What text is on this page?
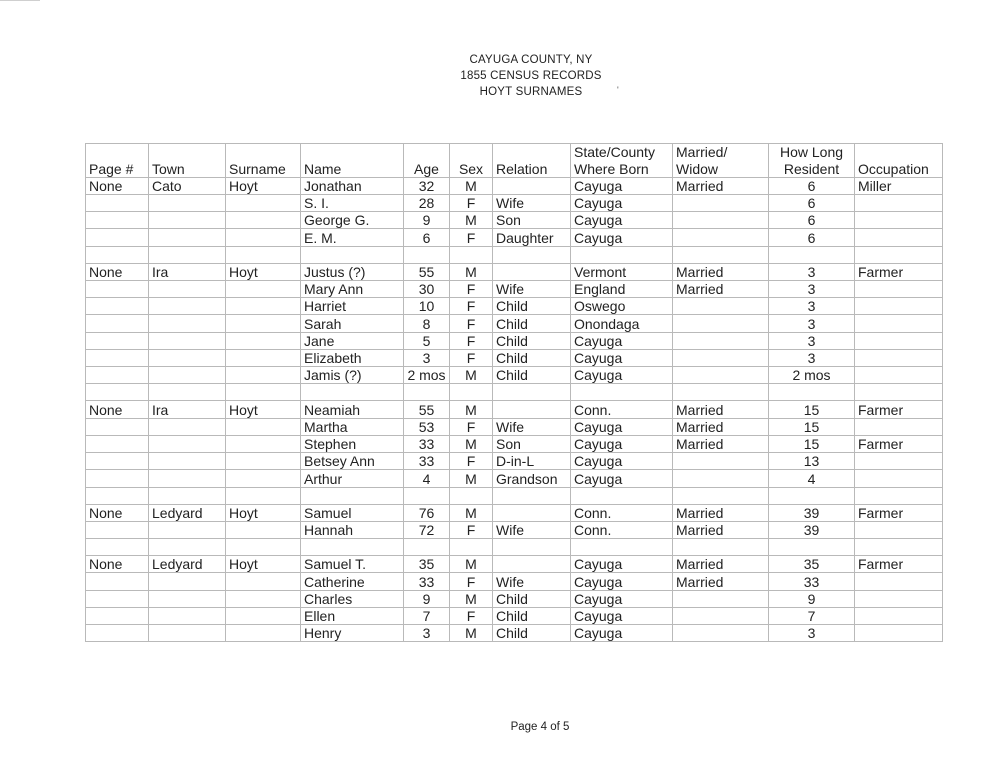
CAYUGA COUNTY, NY
1855 CENSUS RECORDS
HOYT SURNAMES	'
							State/County	Married/	How Long	
Page #	Town	Surname	Name	Age	Sex	Relation	Where Born	Widow	Resident	Occupation
None	Cato	Hoyt	Jonathan	32	M		Cayuga	Married	6	Miller
			S. I.	28	F	Wife	Cayuga		6	
			George G.	9	M	Son	Cayuga		6	
			E. M.	6	F	Daughter	Cayuga		6	

None	Ira	Hoyt	Justus (?)	55	M		Vermont	Married	3	Farmer
			Mary Ann	30	F	Wife	England	Married	3	
			Harriet	10	F	Child	Oswego		3	
			Sarah	8	F	Child	Onondaga		3	
			Jane	5	F	Child	Cayuga		3	
			Elizabeth	3	F	Child	Cayuga		3	
			Jamis (?)	2 mos	M	Child	Cayuga		2 mos	

None	Ira	Hoyt	Neamiah	55	M		Conn.	Married	15	Farmer
			Martha	53	F	Wife	Cayuga	Married	15	
			Stephen	33	M	Son	Cayuga	Married	15	Farmer
			Betsey Ann	33	F	D-in-L	Cayuga		13	
			Arthur	4	M	Grandson	Cayuga		4	

None	Ledyard	Hoyt	Samuel	76	M		Conn.	Married	39	Farmer
			Hannah	72	F	Wife	Conn.	Married	39	

None	Ledyard	Hoyt	Samuel T.	35	M		Cayuga	Married	35	Farmer
			Catherine	33	F	Wife	Cayuga	Married	33	
			Charles	9	M	Child	Cayuga		9	
			Ellen	7	F	Child	Cayuga		7	
			Henry	3	M	Child	Cayuga		3	
Page 4 of 5
